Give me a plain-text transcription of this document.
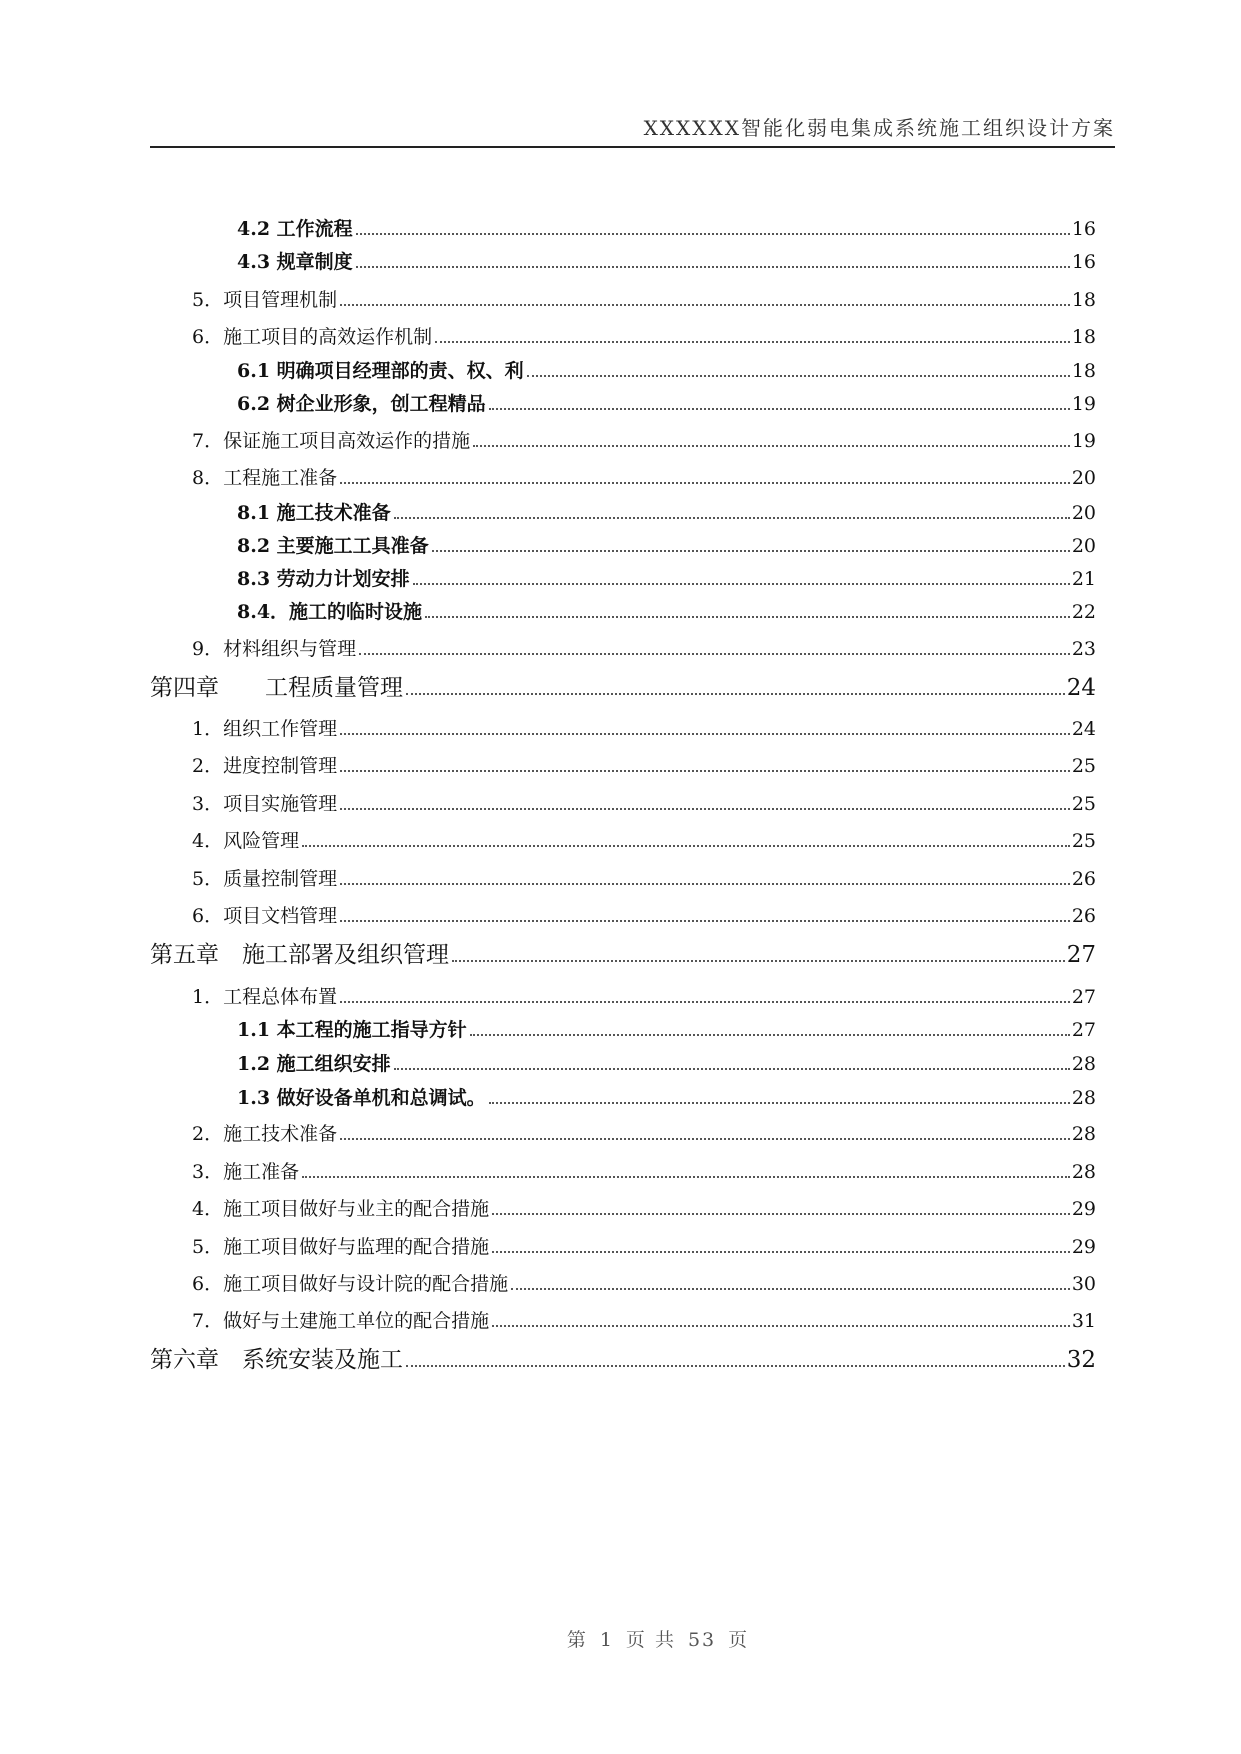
XXXXXX智能化弱电集成系统施工组织设计方案
4.2 工作流程	16
4.3 规章制度	16
5．项目管理机制	18
6．施工项目的高效运作机制	18
6.1 明确项目经理部的责、权、利	18
6.2 树企业形象，创工程精品	19
7．保证施工项目高效运作的措施	19
8．工程施工准备	20
8.1 施工技术准备	20
8.2 主要施工工具准备	20
8.3 劳动力计划安排	21
8.4．施工的临时设施	22
9．材料组织与管理	23
第四章　　工程质量管理	24
1．组织工作管理	24
2．进度控制管理	25
3．项目实施管理	25
4．风险管理	25
5．质量控制管理	26
6．项目文档管理	26
第五章　施工部署及组织管理	27
1．工程总体布置	27
1.1 本工程的施工指导方针	27
1.2 施工组织安排	28
1.3 做好设备单机和总调试。	28
2．施工技术准备	28
3．施工准备	28
4．施工项目做好与业主的配合措施	29
5．施工项目做好与监理的配合措施	29
6．施工项目做好与设计院的配合措施	30
7．做好与土建施工单位的配合措施	31
第六章　系统安装及施工	32
第 1 页 共 53 页
